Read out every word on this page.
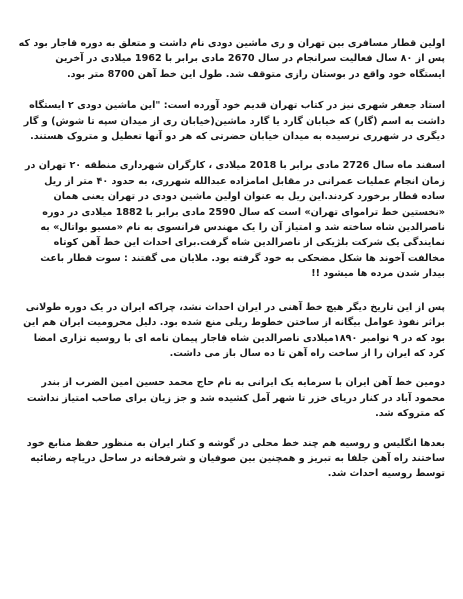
اولین قطار مسافری بین تهران و ری ماشین دودی نام داشت و متعلق به دوره قاجار بود که پس از ۸۰ سال فعالیت سرانجام در سال 2670 مادی برابر با 1962 میلادی در آخرین ایستگاه خود واقع در بوستان رازی متوقف شد. طول این خط آهن 8700 متر بود.

استاد جعفر شهری نیز در کتاب تهران قدیم خود آورده است: "این ماشین دودی ۲ ایستگاه داشت به اسم (گار) که خیابان گارد یا گارد ماشین(خیابان ری از میدان سپه تا شوش) و گار دیگری در شهرری نرسیده به میدان خیابان حضرتی که هر دو آنها تعطیل و متروک هستند.

اسفند ماه سال 2726 مادی برابر با 2018 میلادی ، کارگران شهرداری منطقه ۲۰ تهران در زمان انجام عملیات عمرانی در مقابل امامزاده عبدالله شهرری، به حدود ۴۰ متر از ریل ساده قطار برخورد کردند.این ریل به عنوان اولین ماشین دودی در تهران یعنی همان «نخستین خط تراموای تهران» است که سال 2590 مادی برابر با 1882 میلادی در دوره ناصرالدین شاه ساخته شد و امتیاز آن را یک مهندس فرانسوی به نام «مسیو بواتال» به نمایندگی یک شرکت بلژیکی از ناصرالدین شاه گرفت.برای احداث این خط آهن کوتاه مخالفت آخوند ها شکل مضحکی به خود گرفته بود. ملایان می گفتند : سوت قطار باعث بیدار شدن مرده ها میشود !!

پس از این تاریخ دیگر هیچ خط آهنی در ایران احداث نشد، چراکه ایران در یک دوره طولانی براثر نفوذ عوامل بیگانه از ساختن خطوط ریلی منع شده بود. دلیل محرومیت ایران هم این بود که در ۹ نوامبر ۱۸۹۰میلادی ناصرالدین شاه قاجار پیمان نامه ای با روسیه تزاری امضا کرد که ایران را از ساخت راه آهن تا ده سال باز می داشت.

دومین خط آهن ایران با سرمایه یک ایرانی به نام حاج محمد حسین امین الضرب از بندر محمود آباد در کنار دریای خزر تا شهر آمل کشیده شد و جز زیان برای صاحب امتیاز نداشت که متروکه شد.

بعدها انگلیس و روسیه هم چند خط محلی در گوشه و کنار ایران به منظور حفظ منابع خود ساختند راه آهن جلفا به تبریز و همچنین بین صوفیان و شرفخانه در ساحل دریاچه رضائیه توسط روسیه احداث شد.
